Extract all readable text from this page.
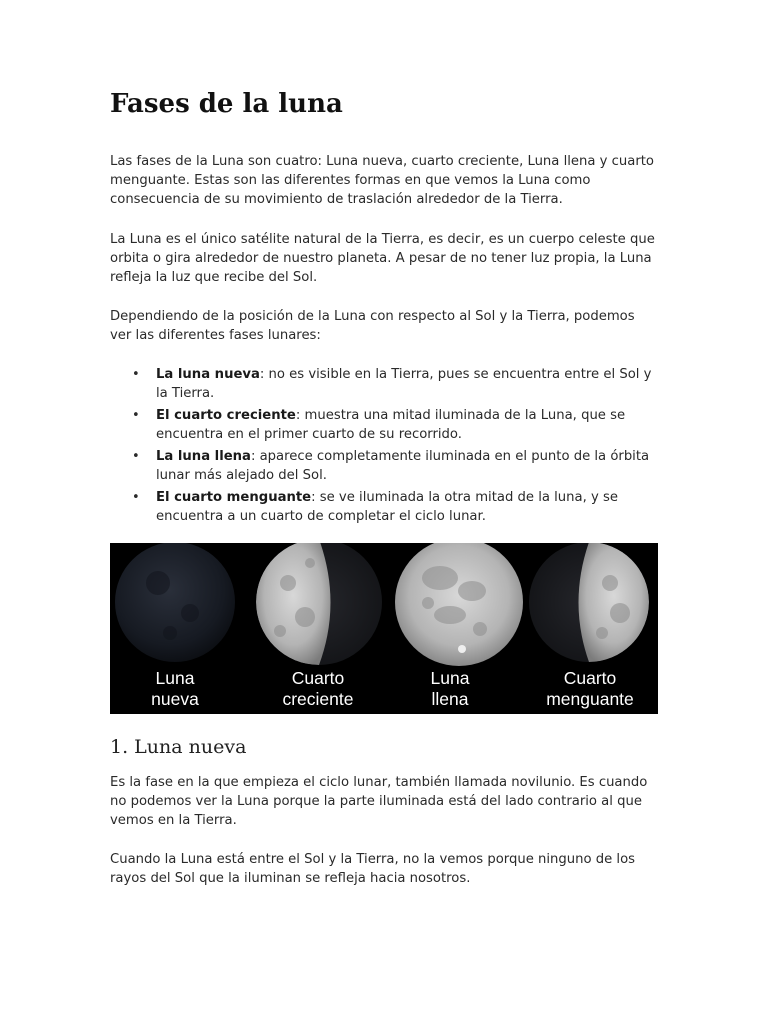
Fases de la luna

Las fases de la Luna son cuatro: Luna nueva, cuarto creciente, Luna llena y cuarto menguante. Estas son las diferentes formas en que vemos la Luna como consecuencia de su movimiento de traslación alrededor de la Tierra.

La Luna es el único satélite natural de la Tierra, es decir, es un cuerpo celeste que orbita o gira alrededor de nuestro planeta. A pesar de no tener luz propia, la Luna refleja la luz que recibe del Sol.

Dependiendo de la posición de la Luna con respecto al Sol y la Tierra, podemos ver las diferentes fases lunares:

• La luna nueva: no es visible en la Tierra, pues se encuentra entre el Sol y la Tierra.
• El cuarto creciente: muestra una mitad iluminada de la Luna, que se encuentra en el primer cuarto de su recorrido.
• La luna llena: aparece completamente iluminada en el punto de la órbita lunar más alejado del Sol.
• El cuarto menguante: se ve iluminada la otra mitad de la luna, y se encuentra a un cuarto de completar el ciclo lunar.
Luna
nueva
Cuarto
creciente
Luna
llena
Cuarto
menguante
1. Luna nueva

Es la fase en la que empieza el ciclo lunar, también llamada novilunio. Es cuando no podemos ver la Luna porque la parte iluminada está del lado contrario al que vemos en la Tierra.

Cuando la Luna está entre el Sol y la Tierra, no la vemos porque ninguno de los rayos del Sol que la iluminan se refleja hacia nosotros.
